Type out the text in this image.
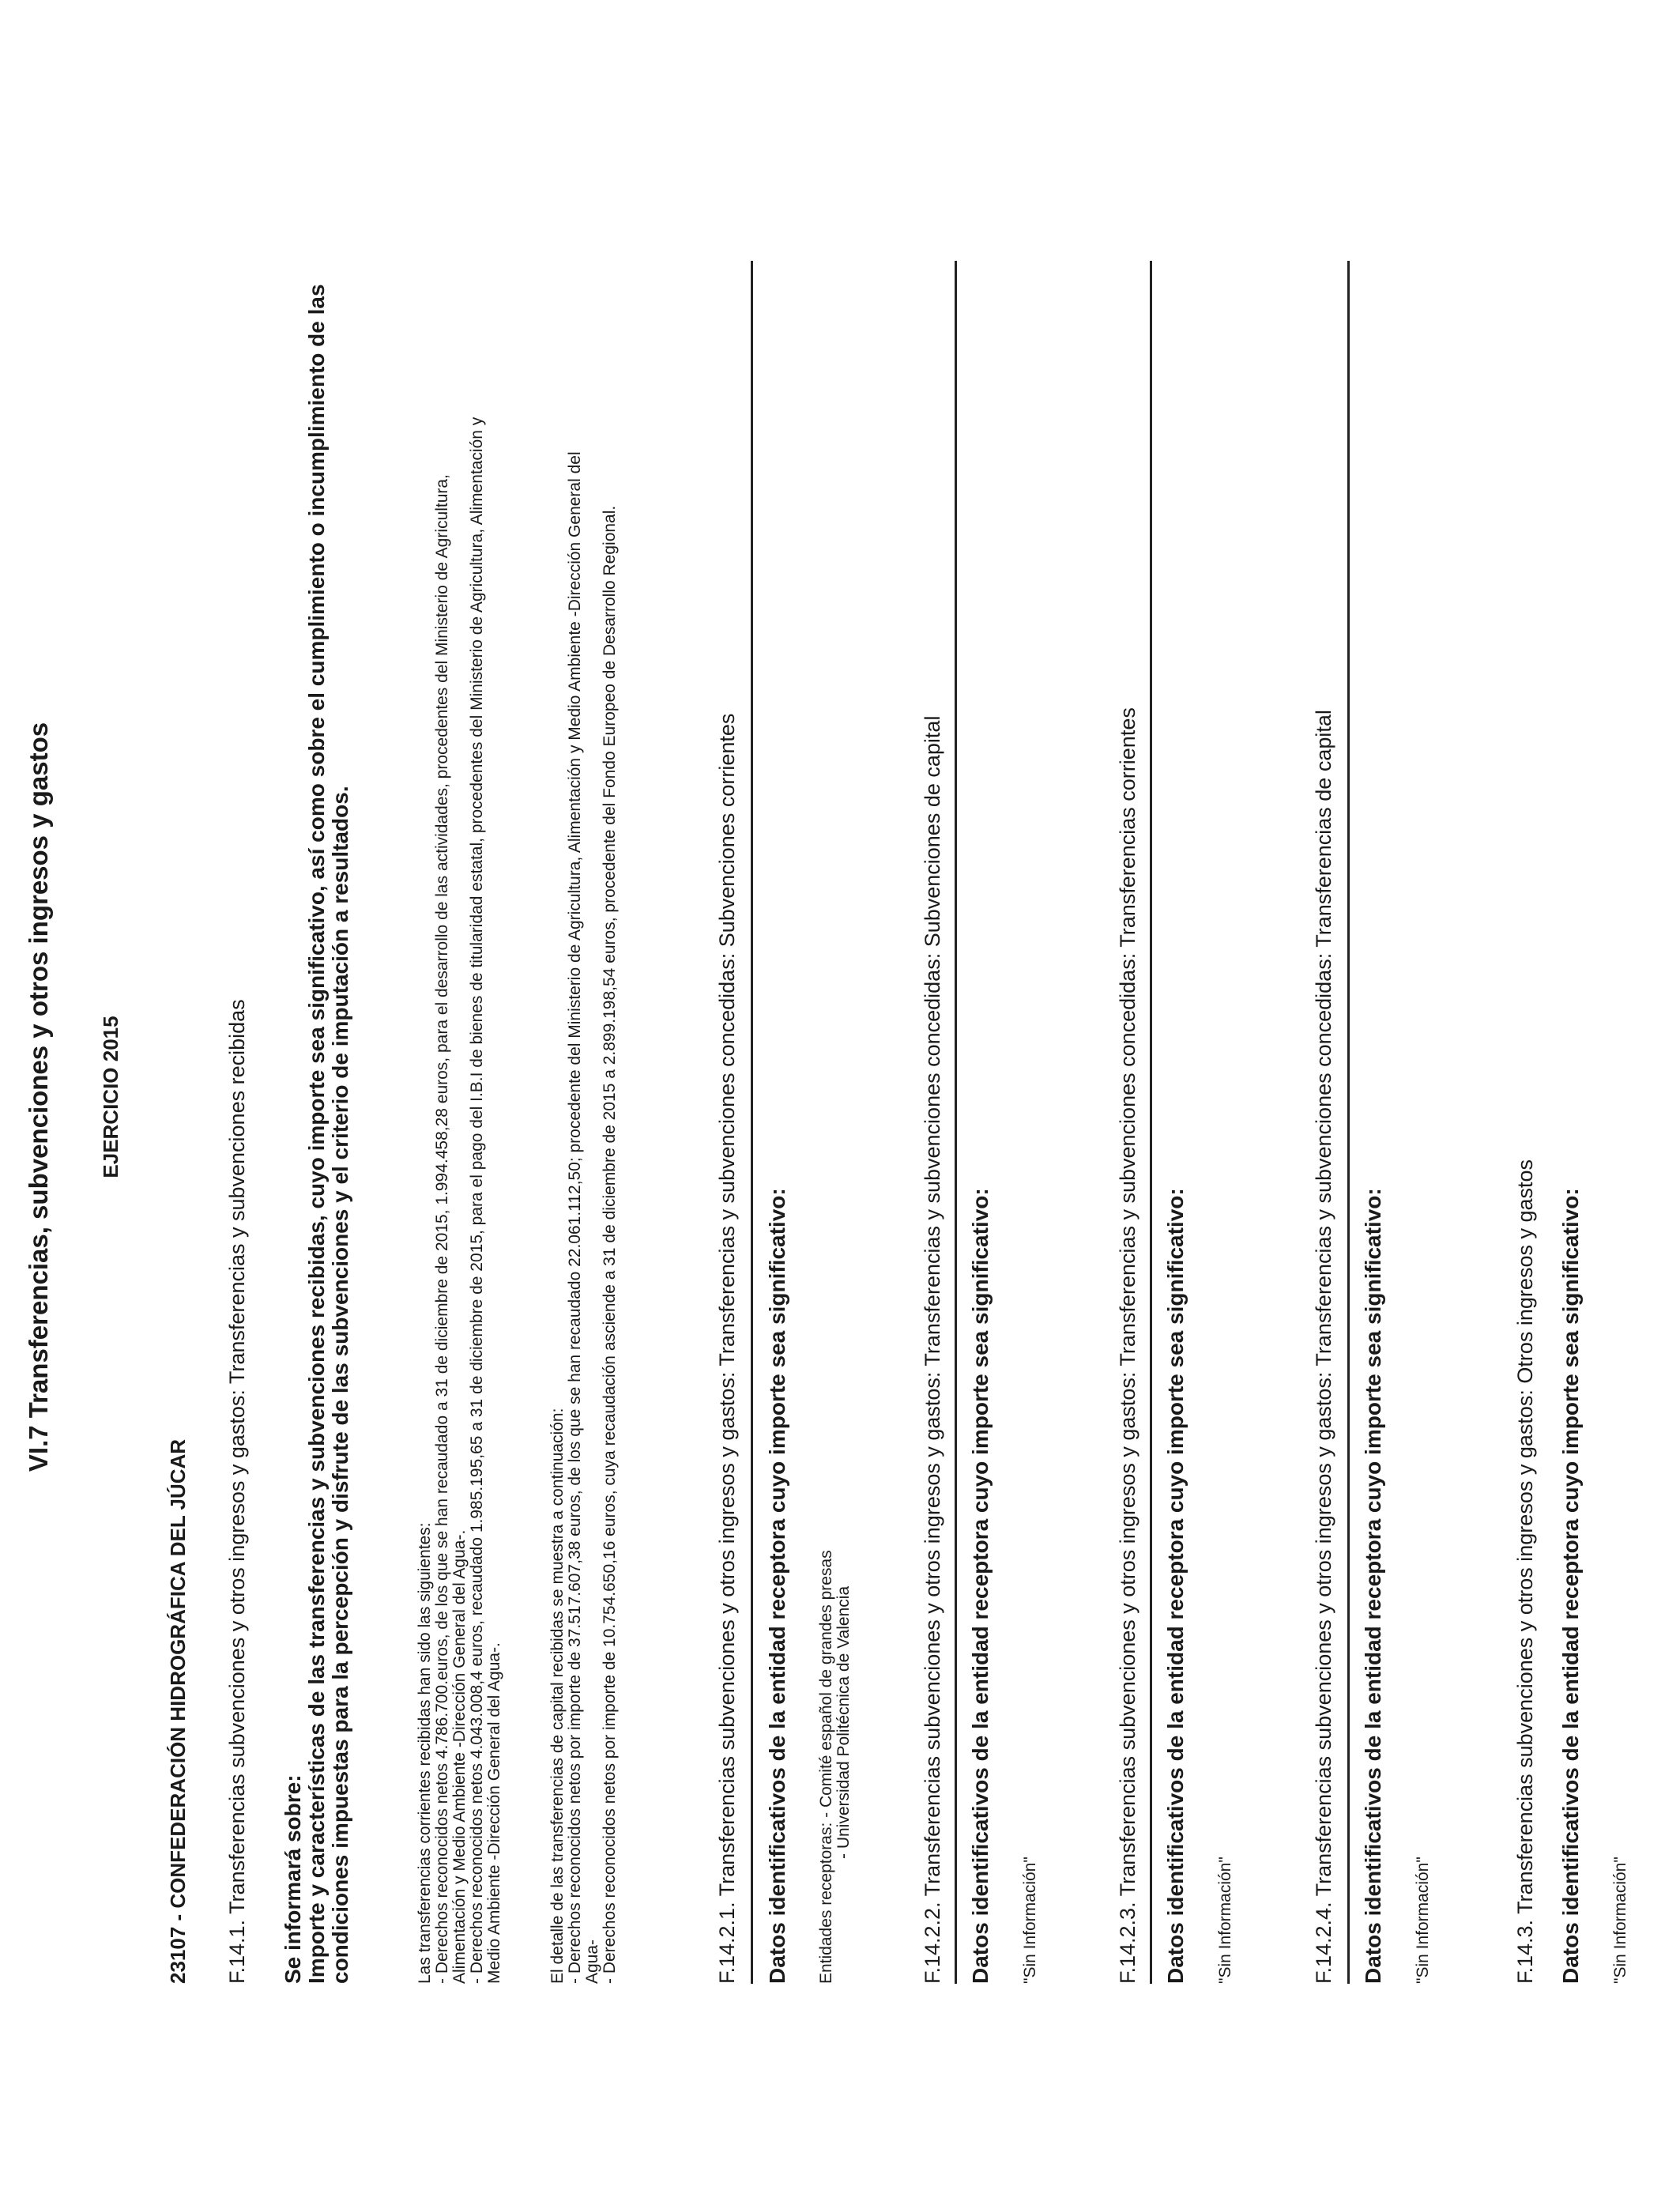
VI.7 Transferencias, subvenciones y otros ingresos y gastos EJERCICIO 2015
23107 - CONFEDERACIÓN HIDROGRÁFICA DEL JÚCAR F.14.1. Transferencias subvenciones y otros ingresos y gastos: Transferencias y subvenciones recibidas Se informará sobre: Importe y características de las transferencias y subvenciones recibidas, cuyo importe sea significativo, así como sobre el cumplimiento o incumplimiento de las condiciones impuestas para la percepción y disfrute de las subvenciones y el criterio de imputación a resultados.	Las transferencias corrientes recibidas han sido las siguientes: - Derechos reconocidos netos 4.786.700.euros, de los que se han recaudado a 31 de diciembre de 2015, 1.994.458,28 euros, para el desarrollo de las actividades, procedentes del Ministerio de Agricultura, Alimentación y Medio Ambiente -Dirección General del Agua-. - Derechos reconocidos netos 4.043.008,4 euros, recaudado 1.985.195,65 a 31 de diciembre de 2015, para el pago del I.B.I de bienes de titularidad estatal, procedentes del Ministerio de Agricultura, Alimentación y Medio Ambiente -Dirección General del Agua-.	El detalle de las transferencias de capital recibidas se muestra a continuación: - Derechos reconocidos netos por importe de 37.517.607,38 euros, de los que se han recaudado 22.061.112,50; procedente del Ministerio de Agricultura, Alimentación y Medio Ambiente -Dirección General del Agua- - Derechos reconocidos netos por importe de 10.754.650,16 euros, cuya recaudación asciende a 31 de diciembre de 2015 a 2.899.198,54 euros, procedente del Fondo Europeo de Desarrollo Regional.	F.14.2.1. Transferencias subvenciones y otros ingresos y gastos: Transferencias y subvenciones concedidas: Subvenciones corrientes Datos identificativos de la entidad receptora cuyo importe sea significativo: Entidades receptoras: - Comité español de grandes presas - Universidad Politécnica de Valencia	F.14.2.2. Transferencias subvenciones y otros ingresos y gastos: Transferencias y subvenciones concedidas: Subvenciones de capital Datos identificativos de la entidad receptora cuyo importe sea significativo: "Sin Información"	F.14.2.3. Transferencias subvenciones y otros ingresos y gastos: Transferencias y subvenciones concedidas: Transferencias corrientes Datos identificativos de la entidad receptora cuyo importe sea significativo: "Sin Información"	F.14.2.4. Transferencias subvenciones y otros ingresos y gastos: Transferencias y subvenciones concedidas: Transferencias de capital Datos identificativos de la entidad receptora cuyo importe sea significativo: "Sin Información"	F.14.3. Transferencias subvenciones y otros ingresos y gastos: Otros ingresos y gastos Datos identificativos de la entidad receptora cuyo importe sea significativo: "Sin Información"
